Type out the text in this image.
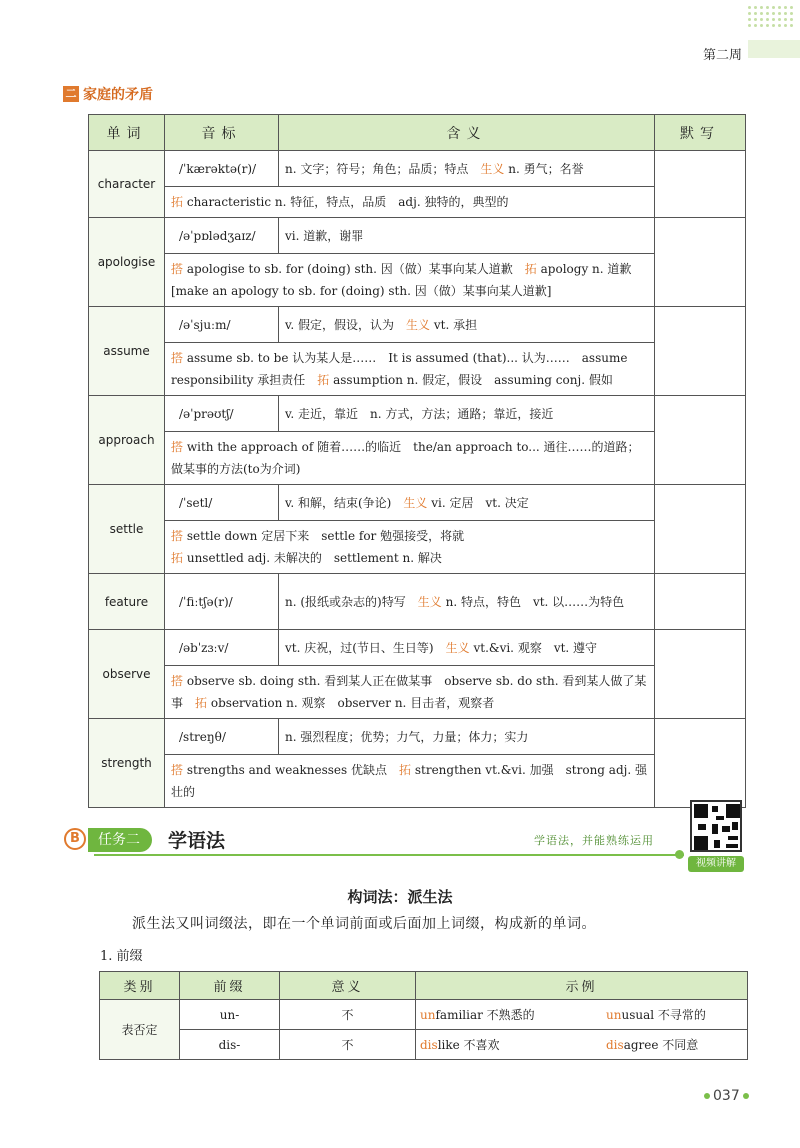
第二周
二 家庭的矛盾
单词	音标	含义	默写
character	/ˈkærəktə(r)/	n. 文字；符号；角色；品质；特点　 生义 n. 勇气；名誉	
	拓 characteristic n. 特征，特点，品质　adj. 独特的，典型的		
apologise	/əˈpɒlədʒaɪz/	vi. 道歉，谢罪	
	搭 apologise to sb. for (doing) sth. 因（做）某事向某人道歉　 拓 apology n. 道歉[make an apology to sb. for (doing) sth. 因（做）某事向某人道歉]		
assume	/əˈsjuːm/	v. 假定，假设，认为　 生义 vt. 承担	
	搭 assume sb. to be 认为某人是……　It is assumed (that)... 认为……　assume responsibility 承担责任　 拓 assumption n. 假定，假设　assuming conj. 假如		
approach	/əˈprəʊtʃ/	v. 走近，靠近　n. 方式，方法；通路；靠近，接近	
	搭 with the approach of 随着……的临近　the/an approach to... 通往……的道路；做某事的方法(to为介词)		
settle	/ˈsetl/	v. 和解，结束(争论)　 生义 vi. 定居　vt. 决定	
	搭 settle down 定居下来　settle for 勉强接受，将就
拓 unsettled adj. 未解决的　settlement n. 解决		
feature	/ˈfiːtʃə(r)/	n. (报纸或杂志的)特写　 生义 n. 特点，特色　vt. 以……为特色	
observe	/əbˈzɜːv/	vt. 庆祝，过(节日、生日等)　 生义 vt.&vi. 观察　vt. 遵守	
	搭 observe sb. doing sth. 看到某人正在做某事　observe sb. do sth. 看到某人做了某事　 拓 observation n. 观察　observer n. 目击者，观察者		
strength	/streŋθ/	n. 强烈程度；优势；力气，力量；体力；实力	
	搭 strengths and weaknesses 优缺点　 拓 strengthen vt.&vi. 加强　strong adj. 强壮的		
任务二
B	学语法	学语法，并能熟练运用
视频讲解
构词法：派生法
派生法又叫词缀法，即在一个单词前面或后面加上词缀，构成新的单词。
1. 前缀
类别	前缀	意义	示例
表否定	un-	不	unfamiliar 不熟悉的 unusual 不寻常的
	dis-	不	dislike 不喜欢 disagree 不同意
037
